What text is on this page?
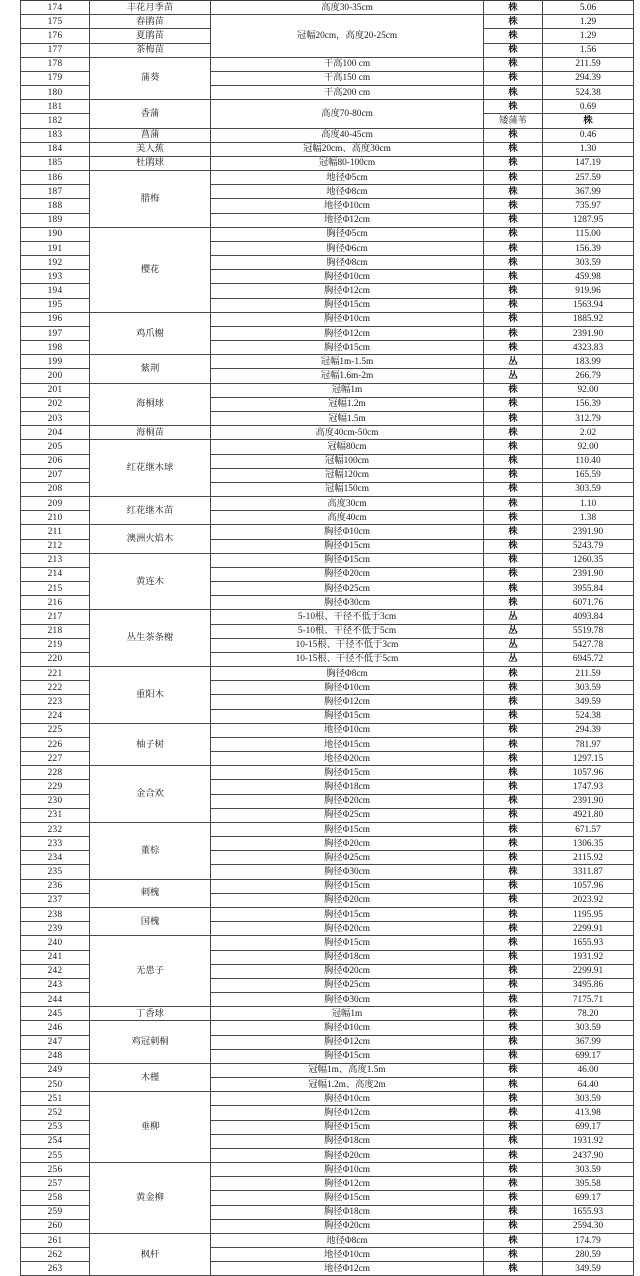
174	丰花月季苗	高度30-35cm	株	5.06	
175	春鹃苗	冠幅20cm，高度20-25cm	株	1.29	
176	夏鹃苗		株	1.29	
177	茶梅苗		株	1.56	
178	蒲葵	干高100 cm	株	211.59	
179		干高150 cm	株	294.39	
180		干高200 cm	株	524.38	
181	香蒲	高度70-80cm	株	0.69	
182			矮蒲苇	株	
183	菖蒲	高度40-45cm	株	0.46	
184	美人蕉	冠幅20cm、高度30cm	株	1.30	
185	杜鹃球	冠幅80-100cm	株	147.19	
186	腊梅	地径Φ5cm	株	257.59	
187		地径Φ8cm	株	367.99	
188		地径Φ10cm	株	735.97	
189		地径Φ12cm	株	1287.95	
190	樱花	胸径Φ5cm	株	115.00	
191		胸径Φ6cm	株	156.39	
192		胸径Φ8cm	株	303.59	
193		胸径Φ10cm	株	459.98	
194		胸径Φ12cm	株	919.96	
195		胸径Φ15cm	株	1563.94	
196	鸡爪榭	胸径Φ10cm	株	1885.92	
197		胸径Φ12cm	株	2391.90	
198		胸径Φ15cm	株	4323.83	
199	紫荆	冠幅1m-1.5m	丛	183.99	
200		冠幅1.6m-2m	丛	266.79	
201	海桐球	冠幅1m	株	92.00	
202		冠幅1.2m	株	156.39	
203		冠幅1.5m	株	312.79	
204	海桐苗	高度40cm-50cm	株	2.02	
205	红花继木球	冠幅80cm	株	92.00	
206		冠幅100cm	株	110.40	
207		冠幅120cm	株	165.59	
208		冠幅150cm	株	303.59	
209	红花继木苗	高度30cm	株	1.10	
210		高度40cm	株	1.38	
211	澳洲火焰木	胸径Φ10cm	株	2391.90	
212		胸径Φ15cm	株	5243.79	
213	黄连木	胸径Φ15cm	株	1260.35	
214		胸径Φ20cm	株	2391.90	
215		胸径Φ25cm	株	3955.84	
216		胸径Φ30cm	株	6071.76	
217	丛生茶条榭	5-10根、干径不低于3cm	丛	4093.84	
218		5-10根、干径不低于5cm	丛	5519.78	
219		10-15根、干径不低于3cm	丛	5427.78	
220		10-15根、干径不低于5cm	丛	6945.72	
221	重阳木	胸径Φ8cm	株	211.59	
222		胸径Φ10cm	株	303.59	
223		胸径Φ12cm	株	349.59	
224		胸径Φ15cm	株	524.38	
225	柚子树	地径Φ10cm	株	294.39	
226		地径Φ15cm	株	781.97	
227		地径Φ20cm	株	1297.15	
228	金合欢	胸径Φ15cm	株	1057.96	
229		胸径Φ18cm	株	1747.93	
230		胸径Φ20cm	株	2391.90	
231		胸径Φ25cm	株	4921.80	
232	董棕	胸径Φ15cm	株	671.57	
233		胸径Φ20cm	株	1306.35	
234		胸径Φ25cm	株	2115.92	
235		胸径Φ30cm	株	3311.87	
236	刺槐	胸径Φ15cm	株	1057.96	
237		胸径Φ20cm	株	2023.92	
238	国槐	胸径Φ15cm	株	1195.95	
239		胸径Φ20cm	株	2299.91	
240	无患子	胸径Φ15cm	株	1655.93	
241		胸径Φ18cm	株	1931.92	
242		胸径Φ20cm	株	2299.91	
243		胸径Φ25cm	株	3495.86	
244		胸径Φ30cm	株	7175.71	
245	丁香球	冠幅1m	株	78.20	
246	鸡冠刺桐	胸径Φ10cm	株	303.59	
247		胸径Φ12cm	株	367.99	
248		胸径Φ15cm	株	699.17	
249	木槿	冠幅1m、高度1.5m	株	46.00	
250		冠幅1.2m、高度2m	株	64.40	
251	垂柳	胸径Φ10cm	株	303.59	
252		胸径Φ12cm	株	413.98	
253		胸径Φ15cm	株	699.17	
254		胸径Φ18cm	株	1931.92	
255		胸径Φ20cm	株	2437.90	
256	黄金柳	胸径Φ10cm	株	303.59	
257		胸径Φ12cm	株	395.58	
258		胸径Φ15cm	株	699.17	
259		胸径Φ18cm	株	1655.93	
260		胸径Φ20cm	株	2594.30	
261	枫杆	地径Φ8cm	株	174.79	
262		地径Φ10cm	株	280.59	
263		地径Φ12cm	株	349.59	
